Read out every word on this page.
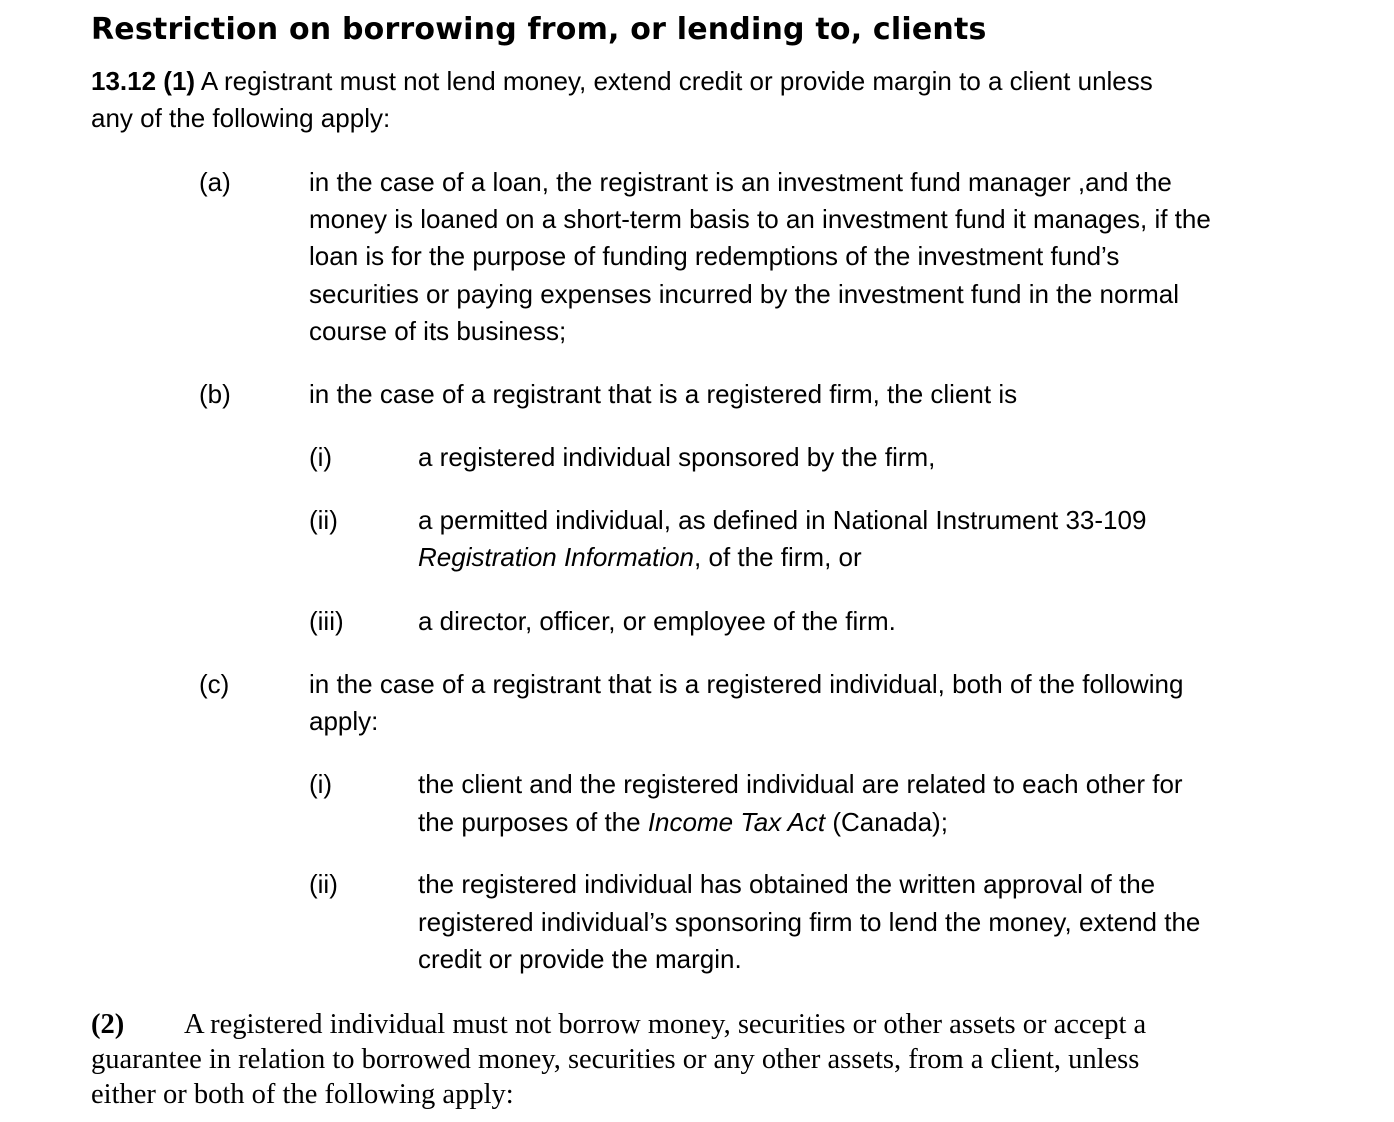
Restriction on borrowing from, or lending to, clients
13.12 (1) A registrant must not lend money, extend credit or provide margin to a client unless
any of the following apply:
(a)	in the case of a loan, the registrant is an investment fund manager ,and the
money is loaned on a short-term basis to an investment fund it manages, if the
loan is for the purpose of funding redemptions of the investment fund’s
securities or paying expenses incurred by the investment fund in the normal
course of its business;
(b)	in the case of a registrant that is a registered firm, the client is
(i)	a registered individual sponsored by the firm,
(ii)	a permitted individual, as defined in National Instrument 33-109
Registration Information, of the firm, or
(iii)	a director, officer, or employee of the firm.
(c)	in the case of a registrant that is a registered individual, both of the following
apply:
(i)	the client and the registered individual are related to each other for
the purposes of the Income Tax Act (Canada);
(ii)	the registered individual has obtained the written approval of the
registered individual’s sponsoring firm to lend the money, extend the
credit or provide the margin.
(2) A registered individual must not borrow money, securities or other assets or accept a
guarantee in relation to borrowed money, securities or any other assets, from a client, unless
either or both of the following apply:
